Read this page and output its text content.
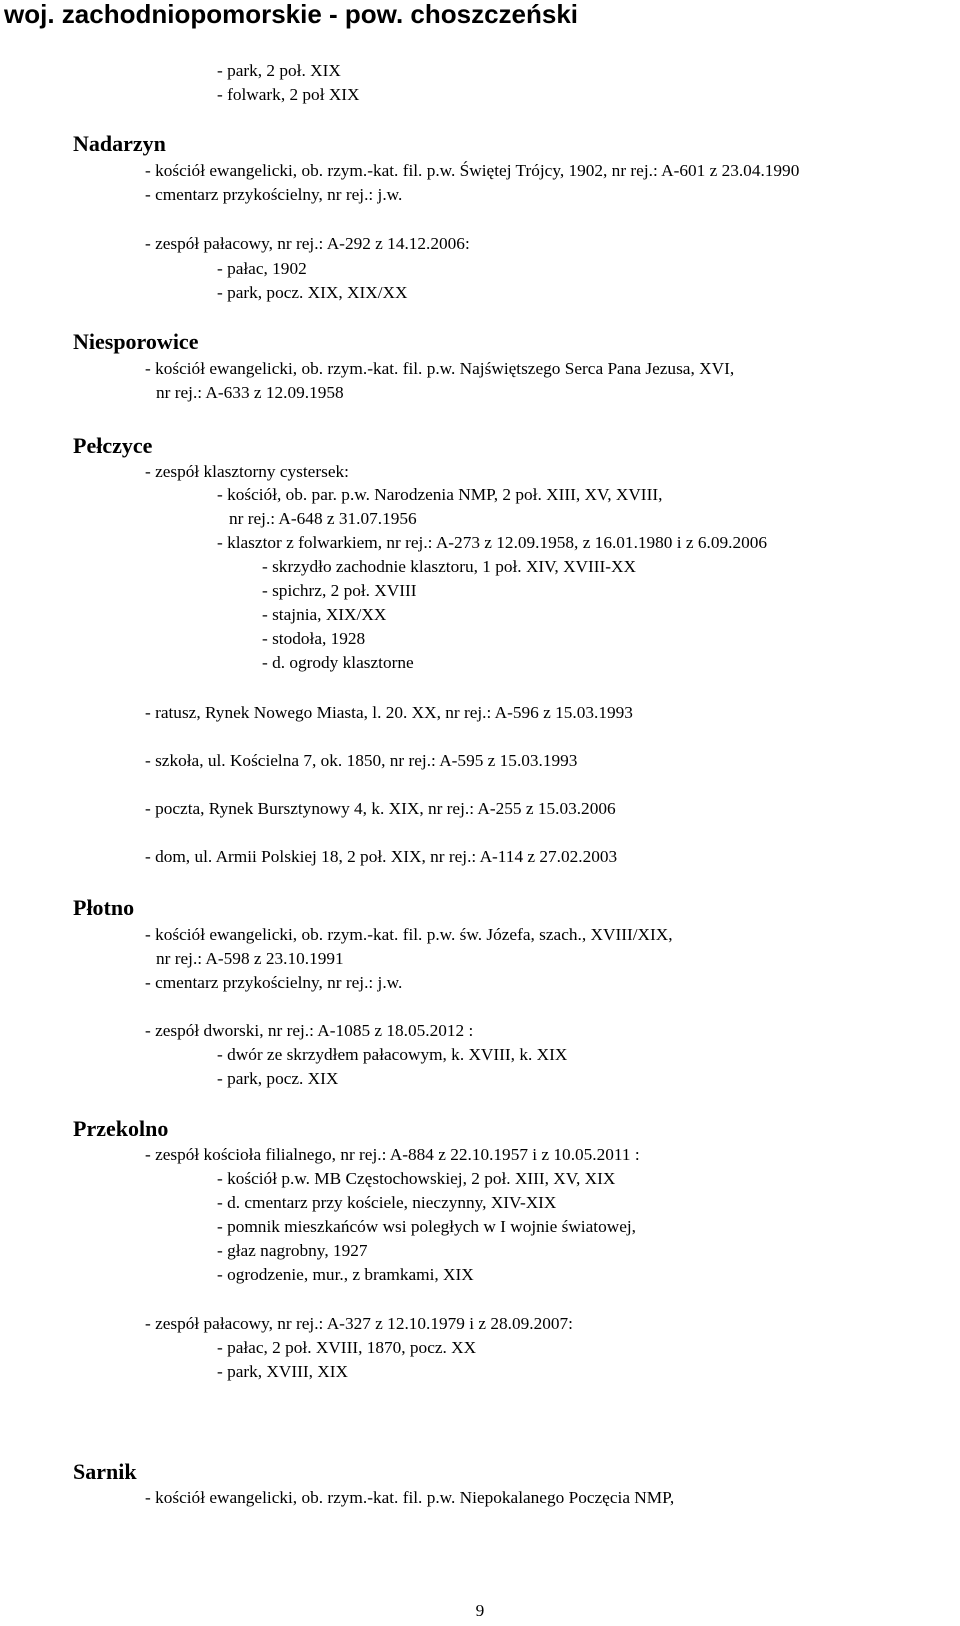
woj. zachodniopomorskie - pow. choszczeński
- park, 2 poł. XIX
- folwark, 2 poł XIX
Nadarzyn
- kościół ewangelicki, ob. rzym.-kat. fil. p.w. Świętej Trójcy, 1902, nr rej.: A-601 z 23.04.1990
- cmentarz przykościelny, nr rej.: j.w.
- zespół pałacowy, nr rej.: A-292 z 14.12.2006:
- pałac, 1902
- park, pocz. XIX, XIX/XX
Niesporowice
- kościół ewangelicki, ob. rzym.-kat. fil. p.w. Najświętszego Serca Pana Jezusa, XVI,
nr rej.: A-633 z 12.09.1958
Pełczyce
- zespół klasztorny cystersek:
- kościół, ob. par. p.w. Narodzenia NMP, 2 poł. XIII, XV, XVIII,
nr rej.: A-648 z 31.07.1956
- klasztor z folwarkiem, nr rej.: A-273 z 12.09.1958, z 16.01.1980 i z 6.09.2006
- skrzydło zachodnie klasztoru, 1 poł. XIV, XVIII-XX
- spichrz, 2 poł. XVIII
- stajnia, XIX/XX
- stodoła, 1928
- d. ogrody klasztorne
- ratusz, Rynek Nowego Miasta, l. 20. XX, nr rej.: A-596 z 15.03.1993
- szkoła, ul. Kościelna 7, ok. 1850, nr rej.: A-595 z 15.03.1993
- poczta, Rynek Bursztynowy 4, k. XIX, nr rej.: A-255 z 15.03.2006
- dom, ul. Armii Polskiej 18, 2 poł. XIX, nr rej.: A-114 z 27.02.2003
Płotno
- kościół ewangelicki, ob. rzym.-kat. fil. p.w. św. Józefa, szach., XVIII/XIX,
nr rej.: A-598 z 23.10.1991
- cmentarz przykościelny, nr rej.: j.w.
- zespół dworski, nr rej.: A-1085 z 18.05.2012 :
- dwór ze skrzydłem pałacowym, k. XVIII, k. XIX
- park, pocz. XIX
Przekolno
- zespół kościoła filialnego, nr rej.: A-884 z 22.10.1957 i z 10.05.2011 :
- kościół p.w. MB Częstochowskiej, 2 poł. XIII, XV, XIX
- d. cmentarz przy kościele, nieczynny, XIV-XIX
- pomnik mieszkańców wsi poległych w I wojnie światowej,
- głaz nagrobny, 1927
- ogrodzenie, mur., z bramkami, XIX
- zespół pałacowy, nr rej.: A-327 z 12.10.1979 i z 28.09.2007:
- pałac, 2 poł. XVIII, 1870, pocz. XX
- park, XVIII, XIX
Sarnik
- kościół ewangelicki, ob. rzym.-kat. fil. p.w. Niepokalanego Poczęcia NMP,
9
